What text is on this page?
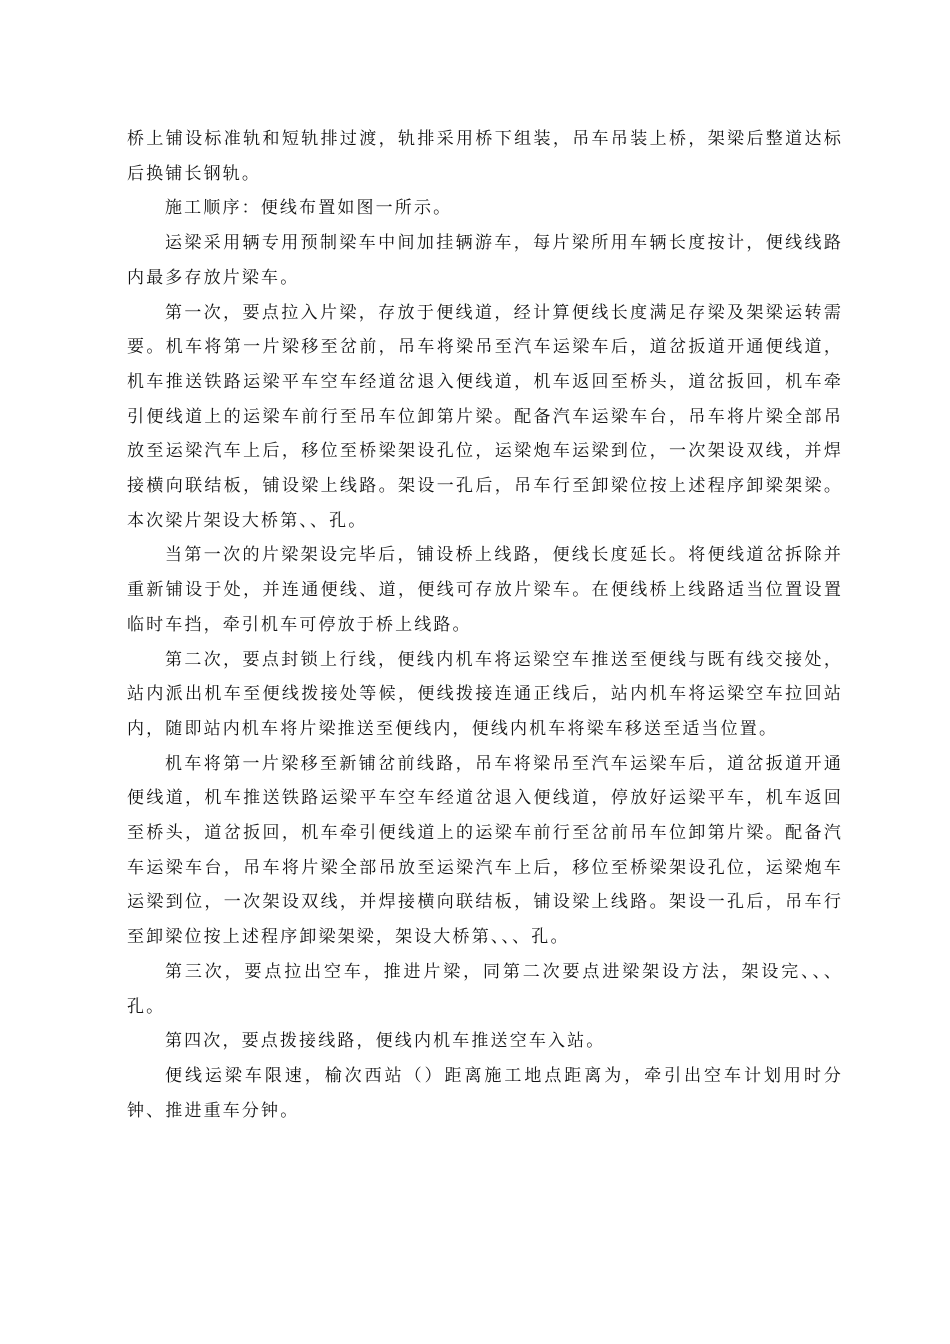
桥上铺设标准轨和短轨排过渡，轨排采用桥下组装，吊车吊装上桥，架梁后整道达标后换铺长钢轨。

施工顺序：便线布置如图一所示。

运梁采用辆专用预制梁车中间加挂辆游车，每片梁所用车辆长度按计，便线线路内最多存放片梁车。

第一次，要点拉入片梁，存放于便线道，经计算便线长度满足存梁及架梁运转需要。机车将第一片梁移至岔前，吊车将梁吊至汽车运梁车后，道岔扳道开通便线道，机车推送铁路运梁平车空车经道岔退入便线道，机车返回至桥头，道岔扳回，机车牵引便线道上的运梁车前行至吊车位卸第片梁。配备汽车运梁车台，吊车将片梁全部吊放至运梁汽车上后，移位至桥梁架设孔位，运梁炮车运梁到位，一次架设双线，并焊接横向联结板，铺设梁上线路。架设一孔后，吊车行至卸梁位按上述程序卸梁架梁。本次梁片架设大桥第、、孔。

当第一次的片梁架设完毕后，铺设桥上线路，便线长度延长。将便线道岔拆除并重新铺设于处，并连通便线、道，便线可存放片梁车。在便线桥上线路适当位置设置临时车挡，牵引机车可停放于桥上线路。

第二次，要点封锁上行线，便线内机车将运梁空车推送至便线与既有线交接处，站内派出机车至便线拨接处等候，便线拨接连通正线后，站内机车将运梁空车拉回站内，随即站内机车将片梁推送至便线内，便线内机车将梁车移送至适当位置。

机车将第一片梁移至新铺岔前线路，吊车将梁吊至汽车运梁车后，道岔扳道开通便线道，机车推送铁路运梁平车空车经道岔退入便线道，停放好运梁平车，机车返回至桥头，道岔扳回，机车牵引便线道上的运梁车前行至岔前吊车位卸第片梁。配备汽车运梁车台，吊车将片梁全部吊放至运梁汽车上后，移位至桥梁架设孔位，运梁炮车运梁到位，一次架设双线，并焊接横向联结板，铺设梁上线路。架设一孔后，吊车行至卸梁位按上述程序卸梁架梁，架设大桥第、、、孔。

第三次，要点拉出空车，推进片梁，同第二次要点进梁架设方法，架设完、、、孔。

第四次，要点拨接线路，便线内机车推送空车入站。

便线运梁车限速，榆次西站（）距离施工地点距离为，牵引出空车计划用时分钟、推进重车分钟。
